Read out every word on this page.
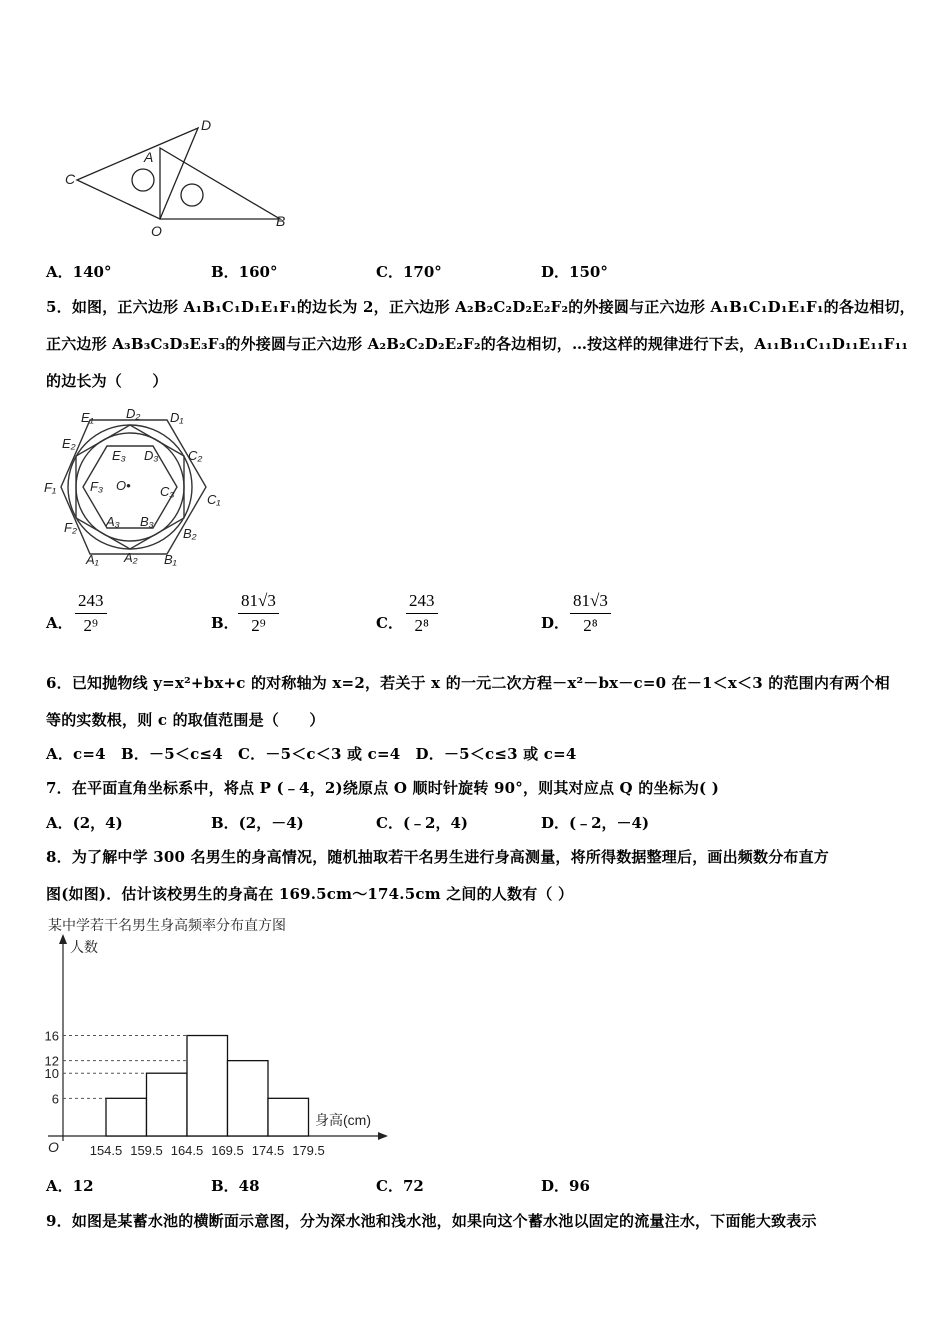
D
A
C
O
B
A．140°	B．160°	C．170°	D．150°
5．如图，正六边形 A₁B₁C₁D₁E₁F₁的边长为 2，正六边形 A₂B₂C₂D₂E₂F₂的外接圆与正六边形 A₁B₁C₁D₁E₁F₁的各边相切，
正六边形 A₃B₃C₃D₃E₃F₃的外接圆与正六边形 A₂B₂C₂D₂E₂F₂的各边相切，…按这样的规律进行下去，A₁₁B₁₁C₁₁D₁₁E₁₁F₁₁
的边长为（　　）
E₁ D₂ D₁
E₂
E₃ D₃ C₂
F₁	F₃ O• C₃
C₁
F₂ A₃ B₃
B₂
A₁ A₂ B₁
A． $\frac{243}{\text{2⁹}}$	B． $\frac{81√3}{\text{2⁹}}$	C． $\frac{243}{\text{2⁸}}$	D． $\frac{81√3}{\text{2⁸}}$
6．已知抛物线 y=x²+bx+c 的对称轴为 x=2，若关于 x 的一元二次方程－x²－bx－c=0 在－1＜x＜3 的范围内有两个相
等的实数根，则 c 的取值范围是（　　）
A．c=4　B．－5＜c≤4　C．－5＜c＜3 或 c=4　D．－5＜c≤3 或 c=4
7．在平面直角坐标系中，将点 P (﹣4，2)绕原点 O 顺时针旋转 90°，则其对应点 Q 的坐标为( )
A．(2，4)	B．(2，－4)	C．(﹣2，4)	D．(﹣2，－4)
8．为了解中学 300 名男生的身高情况，随机抽取若干名男生进行身高测量，将所得数据整理后，画出频数分布直方
图(如图)．估计该校男生的身高在 169.5cm～174.5cm 之间的人数有（ ）
某中学若干名男生身高频率分布直方图
人数
身高(cm)
O
6
10
12
16
154.5 159.5 164.5 169.5 174.5 179.5
A．12	B．48	C．72	D．96
9．如图是某蓄水池的横断面示意图，分为深水池和浅水池，如果向这个蓄水池以固定的流量注水，下面能大致表示
